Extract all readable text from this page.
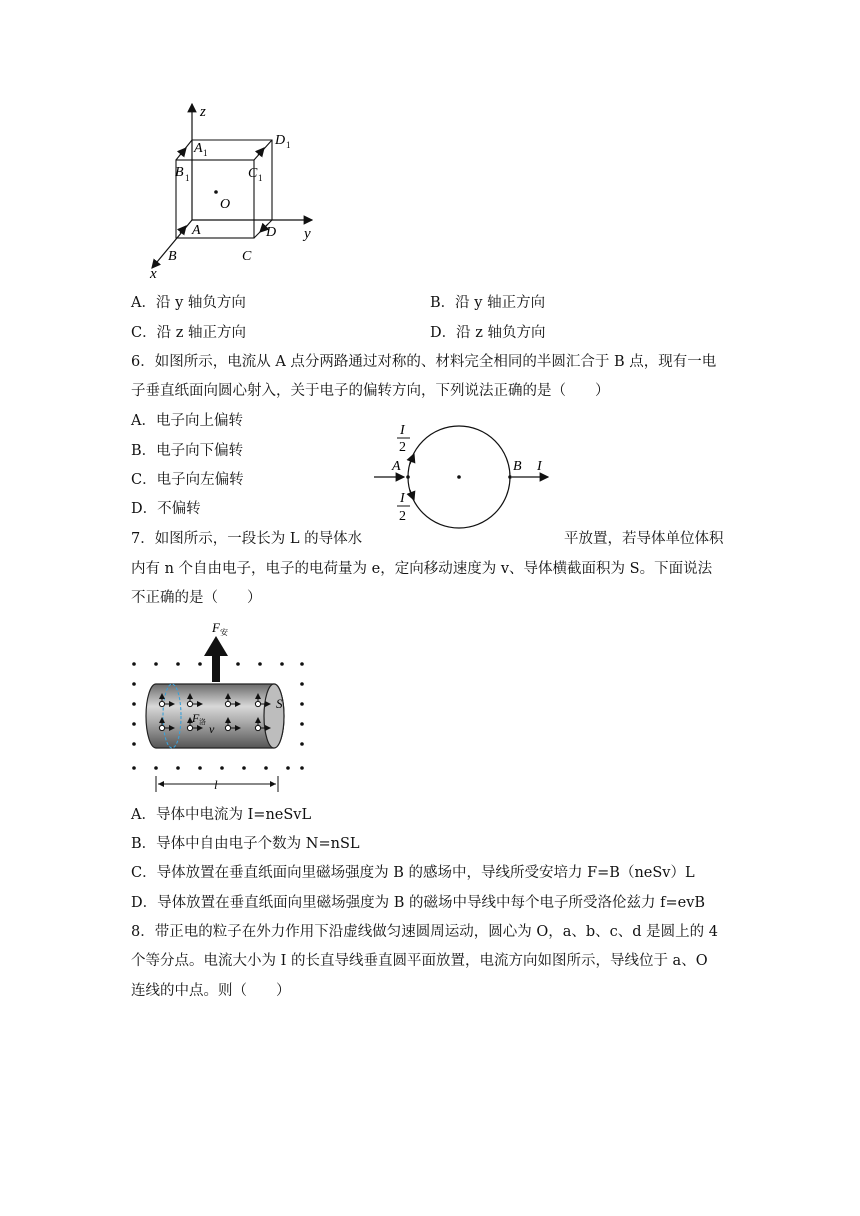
z
y
x
A 1
B 1
D 1
C 1
O
A
B	C
D
A．沿 y 轴负方向	B．沿 y 轴正方向
C．沿 z 轴正方向	D．沿 z 轴负方向
6．如图所示，电流从 A 点分两路通过对称的、材料完全相同的半圆汇合于 B 点，现有一电
子垂直纸面向圆心射入，关于电子的偏转方向，下列说法正确的是（　　）
A．电子向上偏转
B．电子向下偏转
C．电子向左偏转
D．不偏转
I
2
I
2
A	B I
7．如图所示，一段长为 L 的导体水	平放置，若导体单位体积
内有 n 个自由电子，电子的电荷量为 e，定向移动速度为 v、导体横截面积为 S。下面说法
不正确的是（　　）
F 安
F 洛 v
S
l
A．导体中电流为 I=neSvL
B．导体中自由电子个数为 N=nSL
C．导体放置在垂直纸面向里磁场强度为 B 的感场中，导线所受安培力 F=B（neSv）L
D．导体放置在垂直纸面向里磁场强度为 B 的磁场中导线中每个电子所受洛伦兹力 f=evB
8．带正电的粒子在外力作用下沿虚线做匀速圆周运动，圆心为 O，a、b、c、d 是圆上的 4
个等分点。电流大小为 I 的长直导线垂直圆平面放置，电流方向如图所示，导线位于 a、O
连线的中点。则（　　）
